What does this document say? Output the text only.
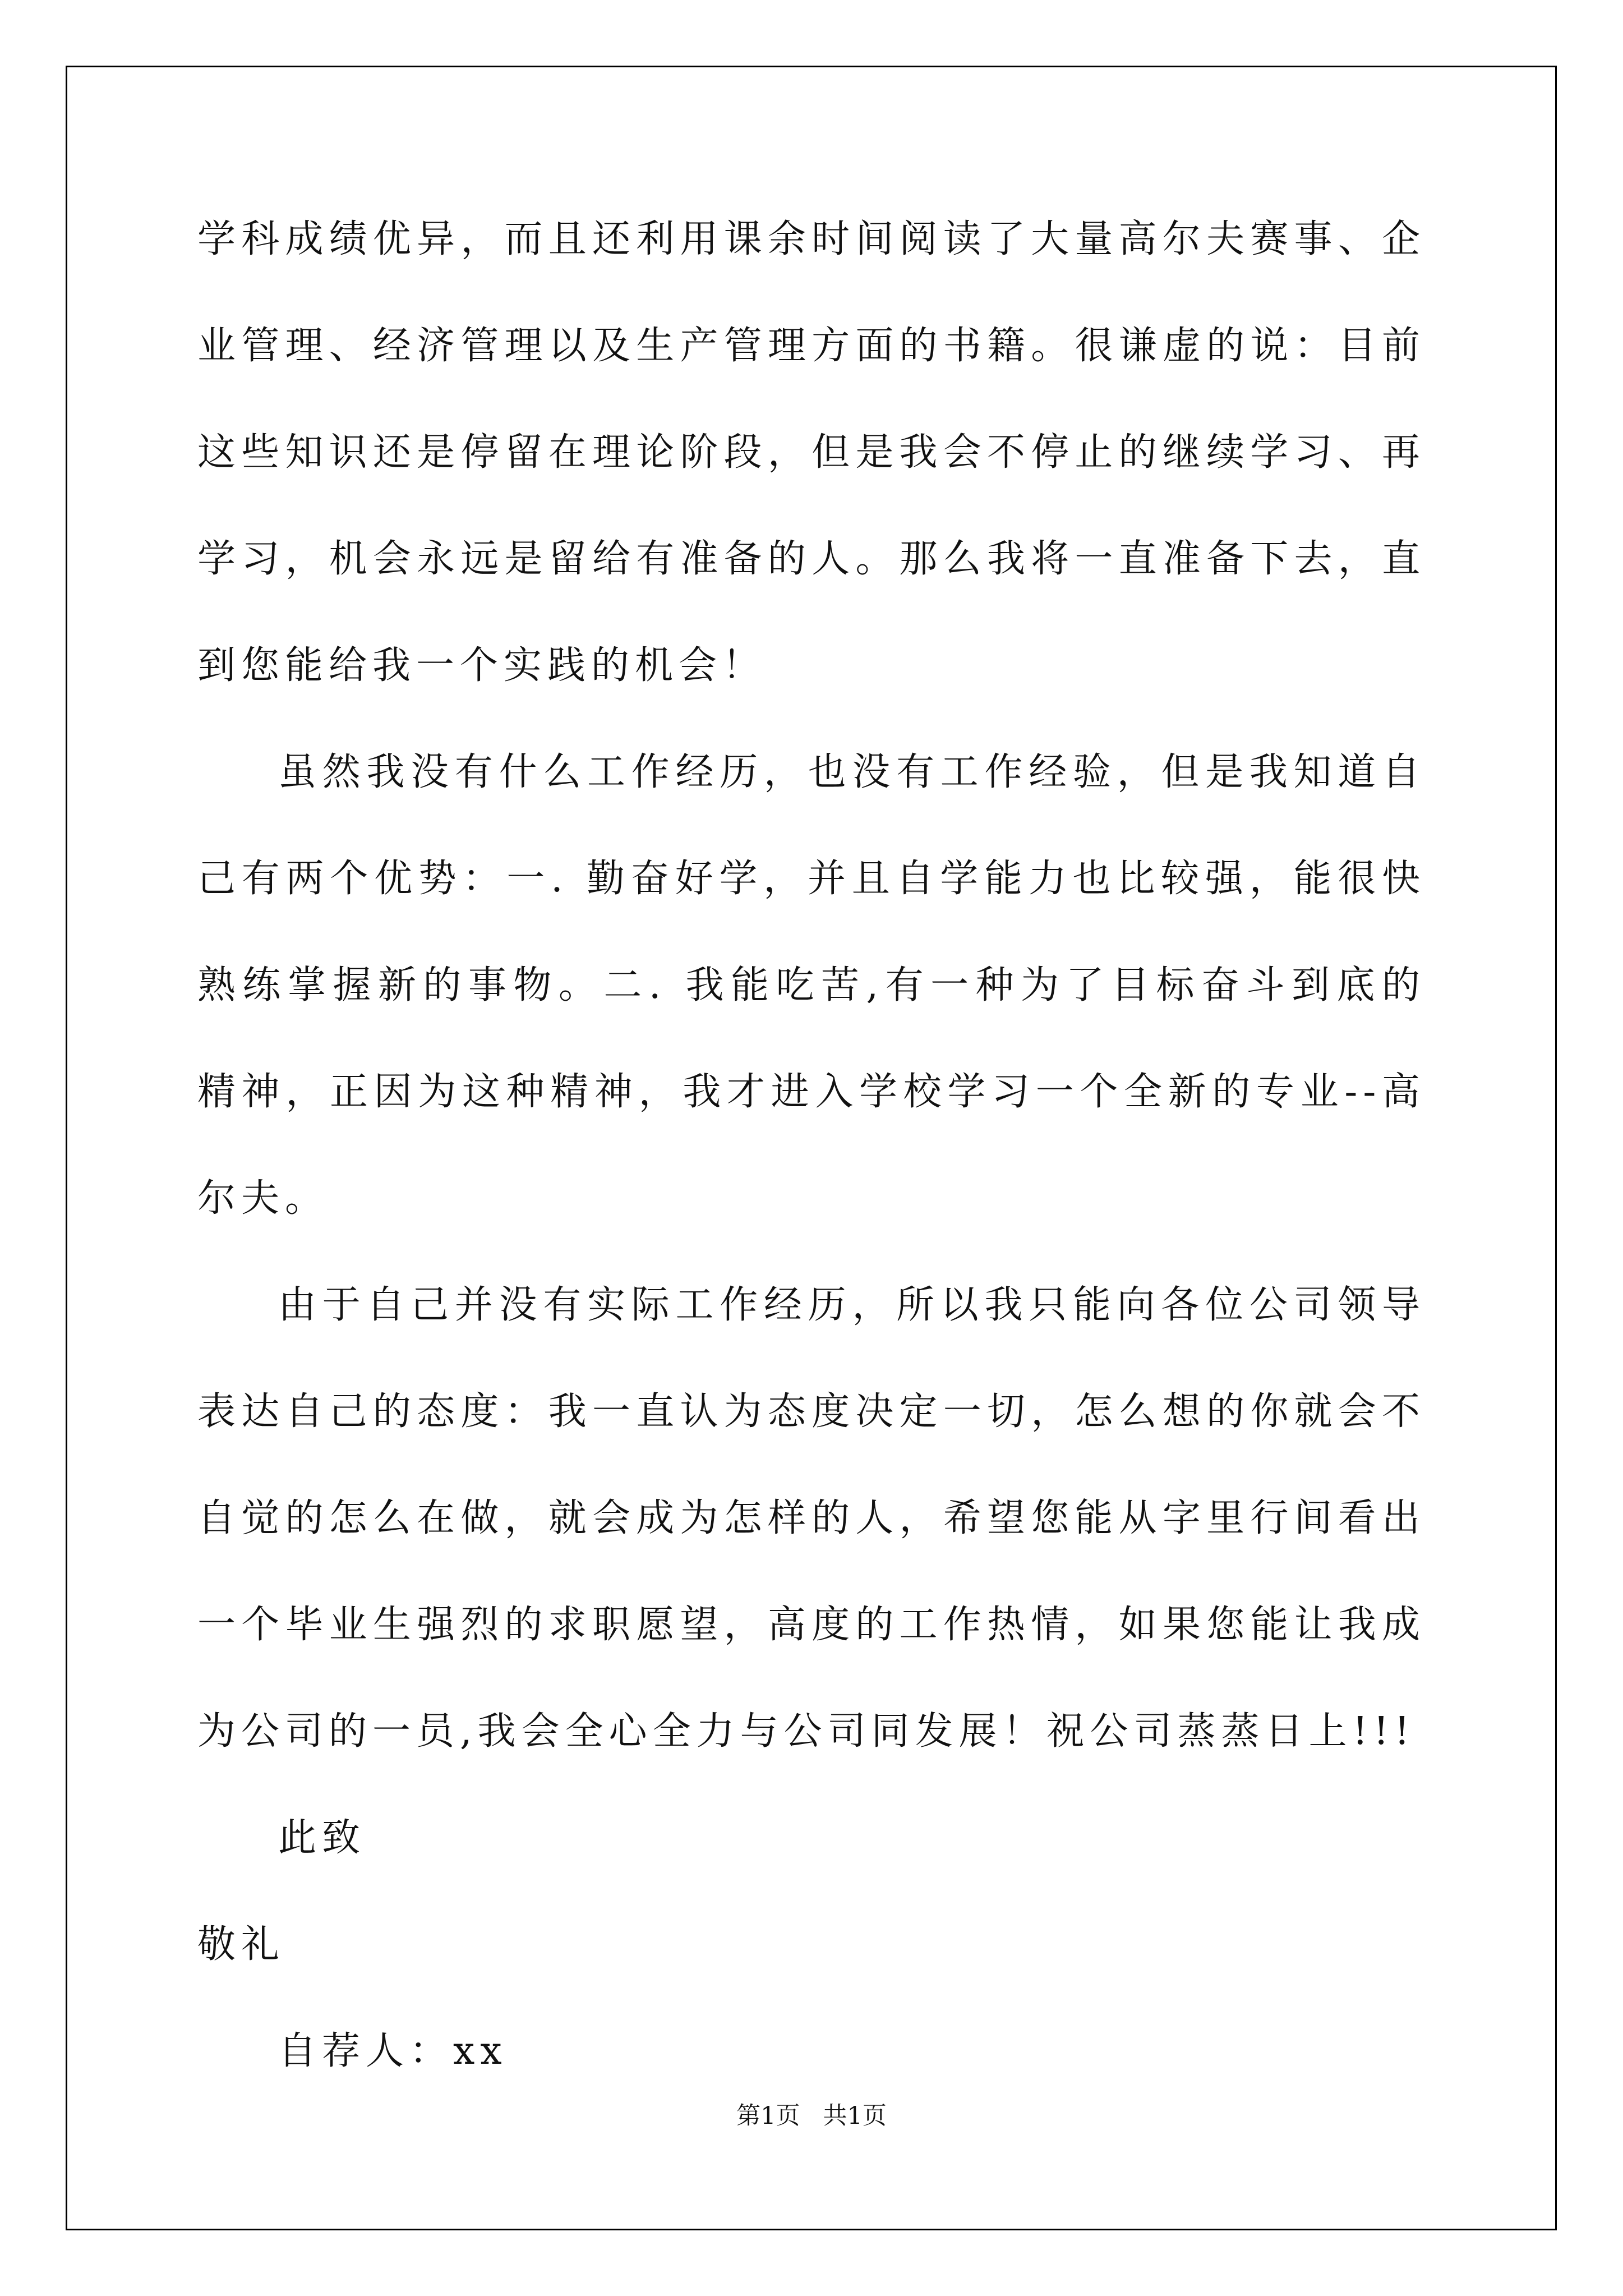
学科成绩优异，而且还利用课余时间阅读了大量高尔夫赛事、企业管理、经济管理以及生产管理方面的书籍。很谦虚的说：目前这些知识还是停留在理论阶段，但是我会不停止的继续学习、再学习，机会永远是留给有准备的人。那么我将一直准备下去，直到您能给我一个实践的机会！

虽然我没有什么工作经历，也没有工作经验，但是我知道自己有两个优势：一. 勤奋好学，并且自学能力也比较强，能很快熟练掌握新的事物。二. 我能吃苦,有一种为了目标奋斗到底的精神，正因为这种精神，我才进入学校学习一个全新的专业--高尔夫。

由于自己并没有实际工作经历，所以我只能向各位公司领导表达自己的态度：我一直认为态度决定一切，怎么想的你就会不自觉的怎么在做，就会成为怎样的人，希望您能从字里行间看出一个毕业生强烈的求职愿望，高度的工作热情，如果您能让我成为公司的一员,我会全心全力与公司同发展！祝公司蒸蒸日上!!!

此致

敬礼

自荐人：xx

第1页   共1页
